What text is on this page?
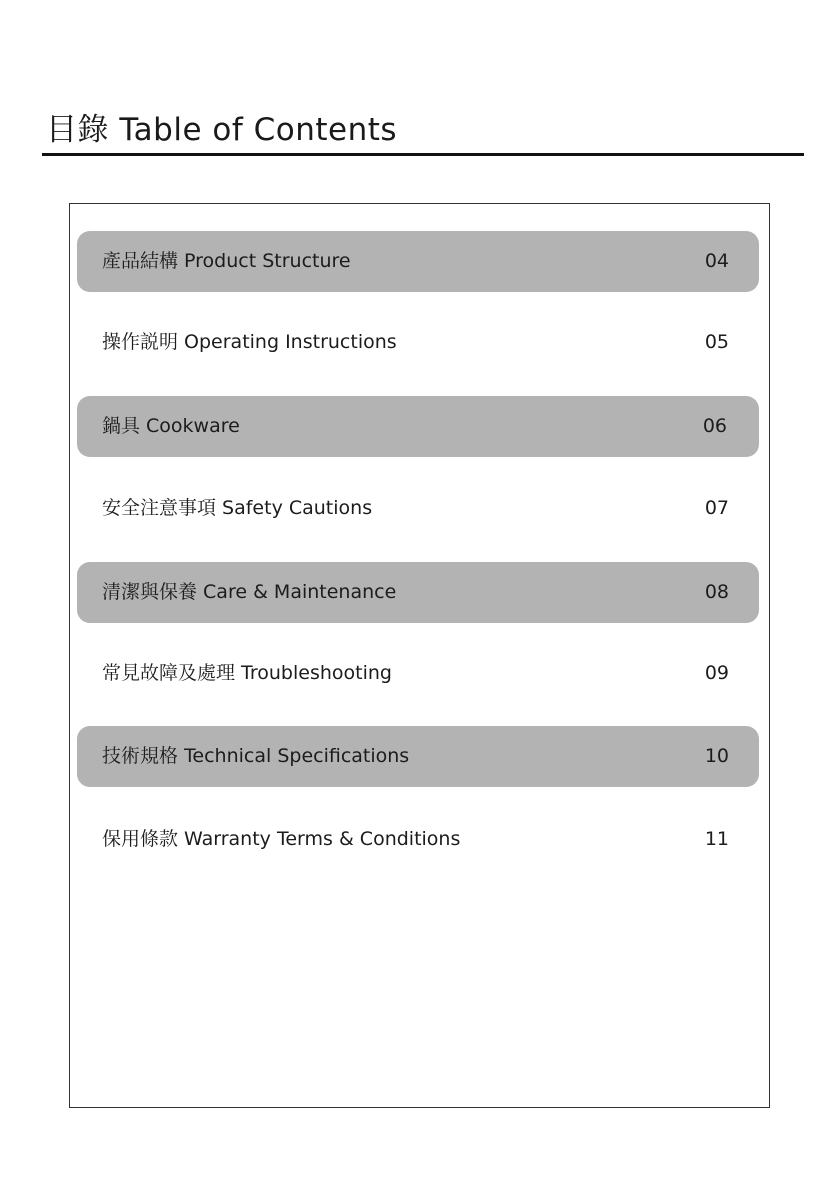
目錄 Table of Contents
產品結構 Product Structure	04
操作説明 Operating Instructions	05
鍋具 Cookware	06
安全注意事項 Safety Cautions	07
清潔與保養 Care & Maintenance	08
常見故障及處理 Troubleshooting	09
技術規格 Technical Specifications	10
保用條款 Warranty Terms & Conditions	11
